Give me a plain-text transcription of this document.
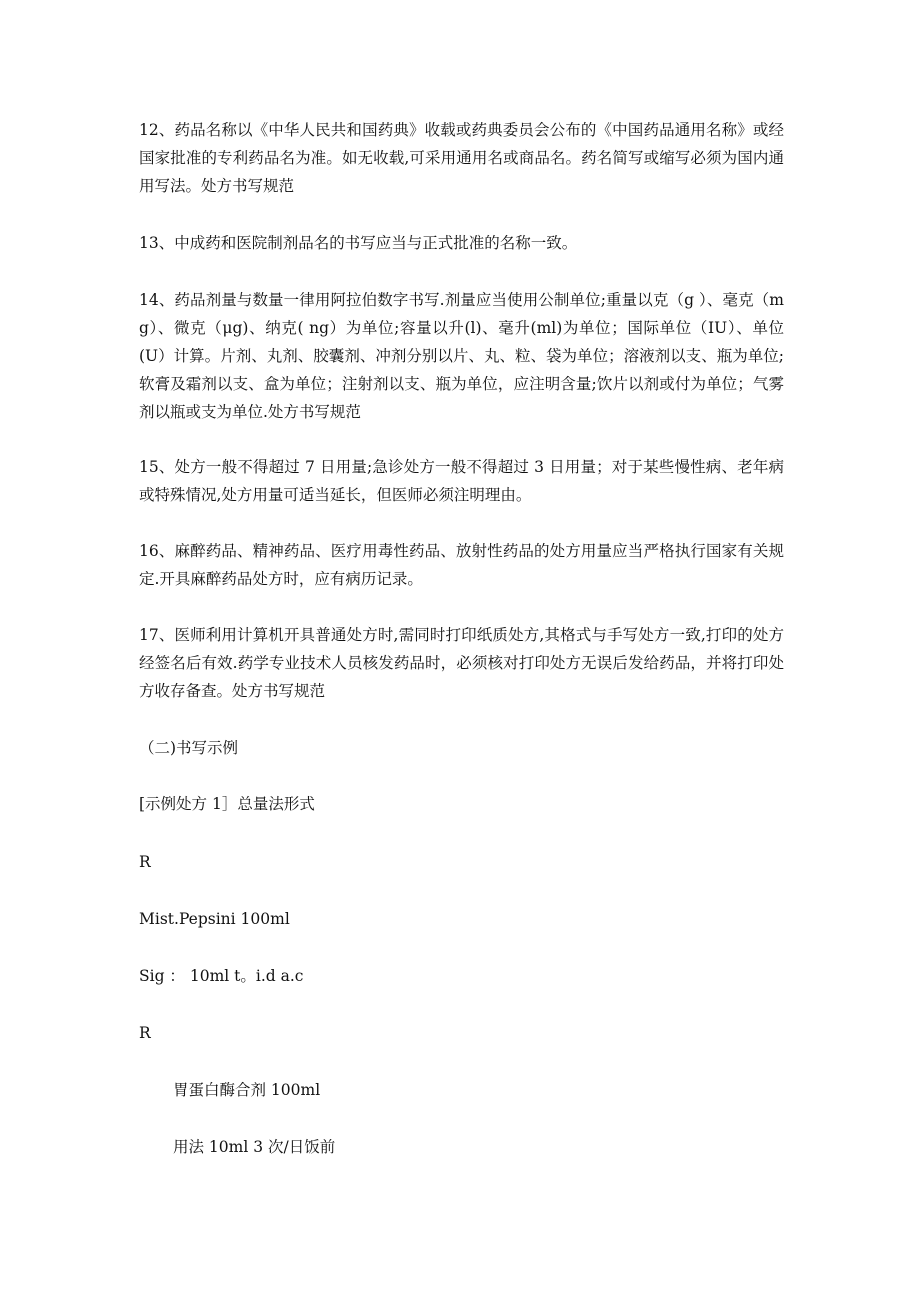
12、药品名称以《中华人民共和国药典》收载或药典委员会公布的《中国药品通用名称》或经国家批准的专利药品名为准。如无收载,可采用通用名或商品名。药名简写或缩写必须为国内通用写法。处方书写规范

13、中成药和医院制剂品名的书写应当与正式批准的名称一致。

14、药品剂量与数量一律用阿拉伯数字书写.剂量应当使用公制单位;重量以克（g ）、毫克（mg）、微克（μg)、纳克( ng）为单位;容量以升(l)、毫升(ml)为单位；国际单位（IU）、单位(U）计算。片剂、丸剂、胶囊剂、冲剂分别以片、丸、粒、袋为单位；溶液剂以支、瓶为单位;软膏及霜剂以支、盒为单位；注射剂以支、瓶为单位，应注明含量;饮片以剂或付为单位；气雾剂以瓶或支为单位.处方书写规范

15、处方一般不得超过 7 日用量;急诊处方一般不得超过 3 日用量；对于某些慢性病、老年病或特殊情况,处方用量可适当延长，但医师必须注明理由。

16、麻醉药品、精神药品、医疗用毒性药品、放射性药品的处方用量应当严格执行国家有关规定.开具麻醉药品处方时，应有病历记录。

17、医师利用计算机开具普通处方时,需同时打印纸质处方,其格式与手写处方一致,打印的处方经签名后有效.药学专业技术人员核发药品时，必须核对打印处方无误后发给药品，并将打印处方收存备查。处方书写规范

（二)书写示例

[示例处方 1］总量法形式

R

Mist.Pepsini 100ml

Sig ： 10ml t。i.d a.c

R

胃蛋白酶合剂 100ml

用法 10ml 3 次/日饭前
